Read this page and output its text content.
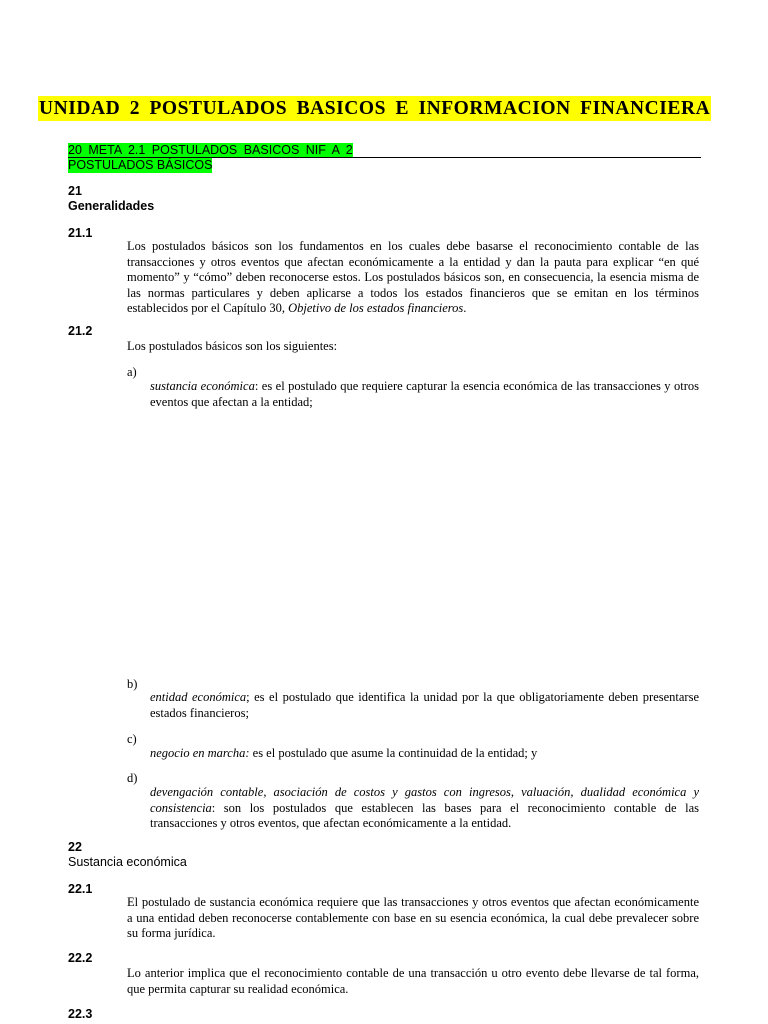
UNIDAD 2 POSTULADOS BASICOS E INFORMACION FINANCIERA
20 META 2.1 POSTULADOS BASICOS NIF A 2
POSTULADOS BÁSICOS
21
Generalidades
21.1
Los postulados básicos son los fundamentos en los cuales debe basarse el reconocimiento contable de las transacciones y otros eventos que afectan económicamente a la entidad y dan la pauta para explicar “en qué momento” y “cómo” deben reconocerse estos. Los postulados básicos son, en consecuencia, la esencia misma de las normas particulares y deben aplicarse a todos los estados financieros que se emitan en los términos establecidos por el Capítulo 30, Objetivo de los estados financieros.
21.2
Los postulados básicos son los siguientes:
a)
sustancia económica: es el postulado que requiere capturar la esencia económica de las transacciones y otros eventos que afectan a la entidad;
b)
entidad económica; es el postulado que identifica la unidad por la que obligatoriamente deben presentarse estados financieros;
c)
negocio en marcha: es el postulado que asume la continuidad de la entidad; y
d)
devengación contable, asociación de costos y gastos con ingresos, valuación, dualidad económica y consistencia: son los postulados que establecen las bases para el reconocimiento contable de las transacciones y otros eventos, que afectan económicamente a la entidad.
22
Sustancia económica
22.1
El postulado de sustancia económica requiere que las transacciones y otros eventos que afectan económicamente a una entidad deben reconocerse contablemente con base en su esencia económica, la cual debe prevalecer sobre su forma jurídica.
22.2
Lo anterior implica que el reconocimiento contable de una transacción u otro evento debe llevarse de tal forma, que permita capturar su realidad económica.
22.3
